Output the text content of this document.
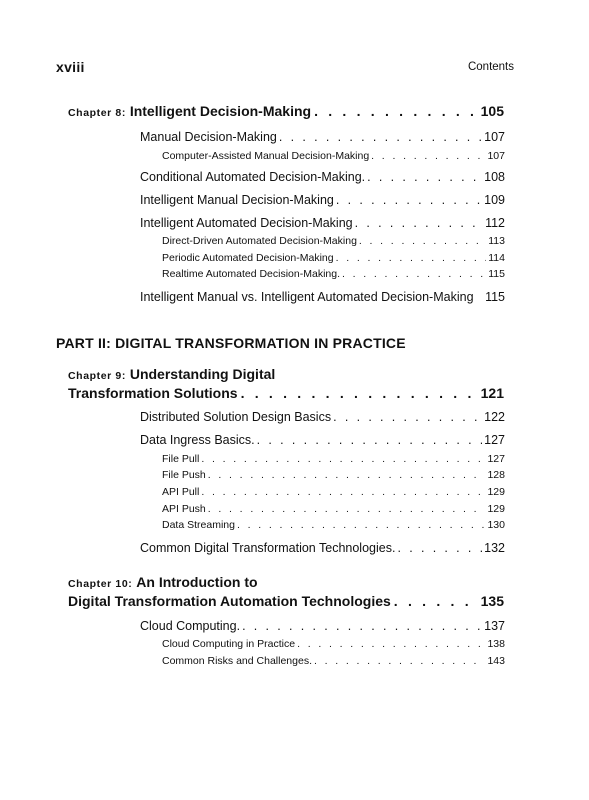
xviii	Contents
Chapter 8:
Intelligent Decision-Making . . .	105
Manual Decision-Making . . .	107
Computer-Assisted Manual Decision-Making . . .	107
Conditional Automated Decision-Making. . . .	108
Intelligent Manual Decision-Making . . .	109
Intelligent Automated Decision-Making . . .	112
Direct-Driven Automated Decision-Making . . .	113
Periodic Automated Decision-Making . . .	114
Realtime Automated Decision-Making. . . .	115
Intelligent Manual vs. Intelligent Automated Decision-Making 115
PART II: DIGITAL TRANSFORMATION IN PRACTICE
Chapter 9:
Understanding Digital
Transformation Solutions . . .	121
Distributed Solution Design Basics . . .	122
Data Ingress Basics. . . .	127
File Pull . . .	127
File Push . . .	128
API Pull . . .	129
API Push . . .	129
Data Streaming . . .	130
Common Digital Transformation Technologies. . . .	132
Chapter 10:
An Introduction to
Digital Transformation Automation Technologies . . .	135
Cloud Computing. . . .	137
Cloud Computing in Practice . . .	138
Common Risks and Challenges. . . .	143
